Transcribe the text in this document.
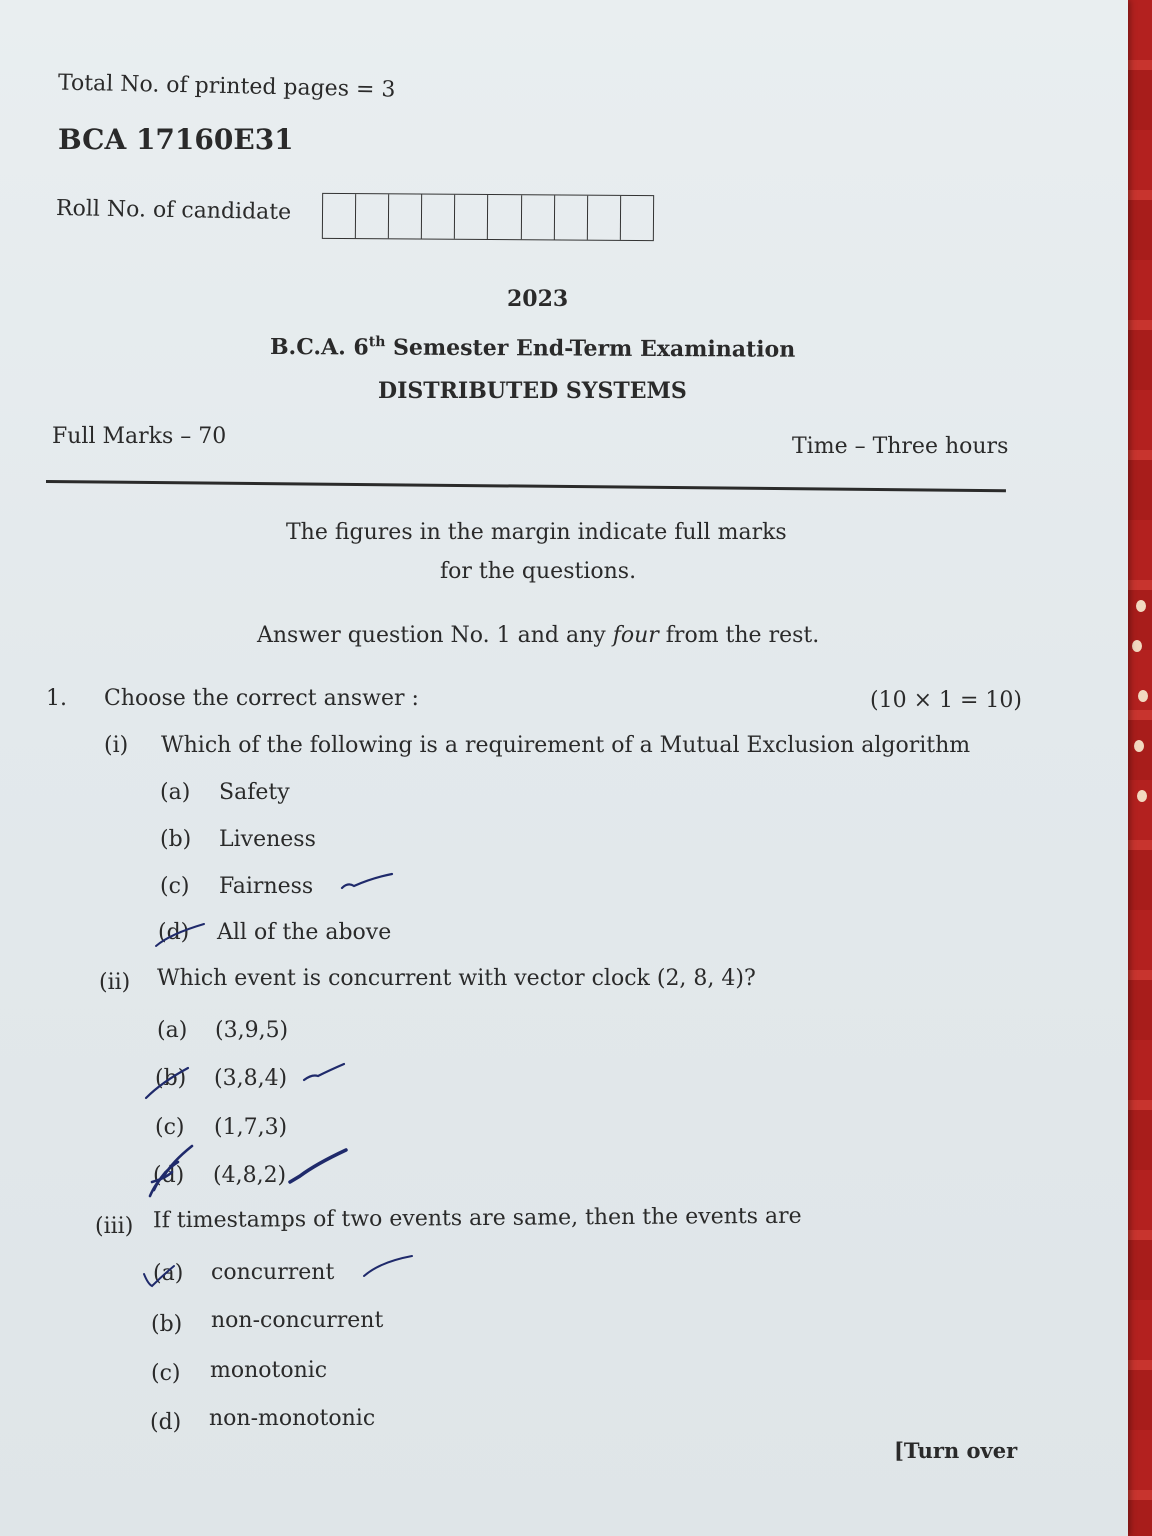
Total No. of printed pages = 3
BCA 17160E31
Roll No. of candidate
2023
B.C.A. 6th Semester End-Term Examination
DISTRIBUTED SYSTEMS
Full Marks – 70	Time – Three hours
The figures in the margin indicate full marks
for the questions.
Answer question No. 1 and any four from the rest.
1. Choose the correct answer :	(10 × 1 = 10)
(i) Which of the following is a requirement of a Mutual Exclusion algorithm
(a) Safety
(b) Liveness
(c) Fairness
(d) All of the above
(ii) Which event is concurrent with vector clock (2, 8, 4)?
(a) (3,9,5)
(b) (3,8,4)
(c) (1,7,3)
(d) (4,8,2)
(iii) If timestamps of two events are same, then the events are
(a) concurrent
(b) non-concurrent
(c) monotonic
(d) non-monotonic
[Turn over
